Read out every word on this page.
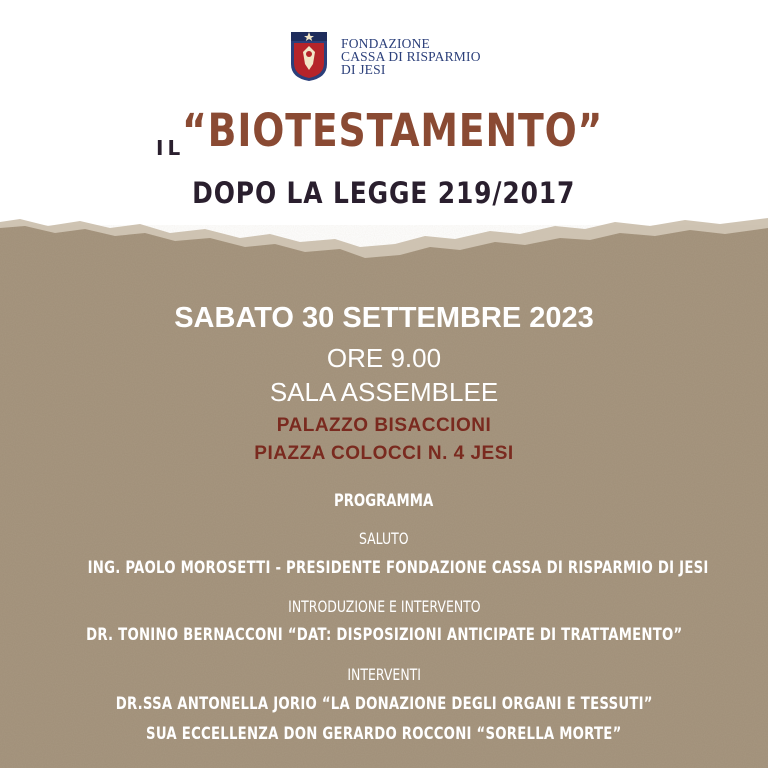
FONDAZIONE
CASSA DI RISPARMIO
DI JESI
IL
“BIOTESTAMENTO”
DOPO LA LEGGE 219/2017
SABATO 30 SETTEMBRE 2023
ORE 9.00
SALA ASSEMBLEE
PALAZZO BISACCIONI
PIAZZA COLOCCI N. 4 JESI
PROGRAMMA
SALUTO
ING. PAOLO MOROSETTI - PRESIDENTE FONDAZIONE CASSA DI RISPARMIO DI JESI
INTRODUZIONE E INTERVENTO
DR. TONINO BERNACCONI “DAT: DISPOSIZIONI ANTICIPATE DI TRATTAMENTO”
INTERVENTI
DR.SSA ANTONELLA JORIO “LA DONAZIONE DEGLI ORGANI E TESSUTI”
SUA ECCELLENZA DON GERARDO ROCCONI “SORELLA MORTE”
